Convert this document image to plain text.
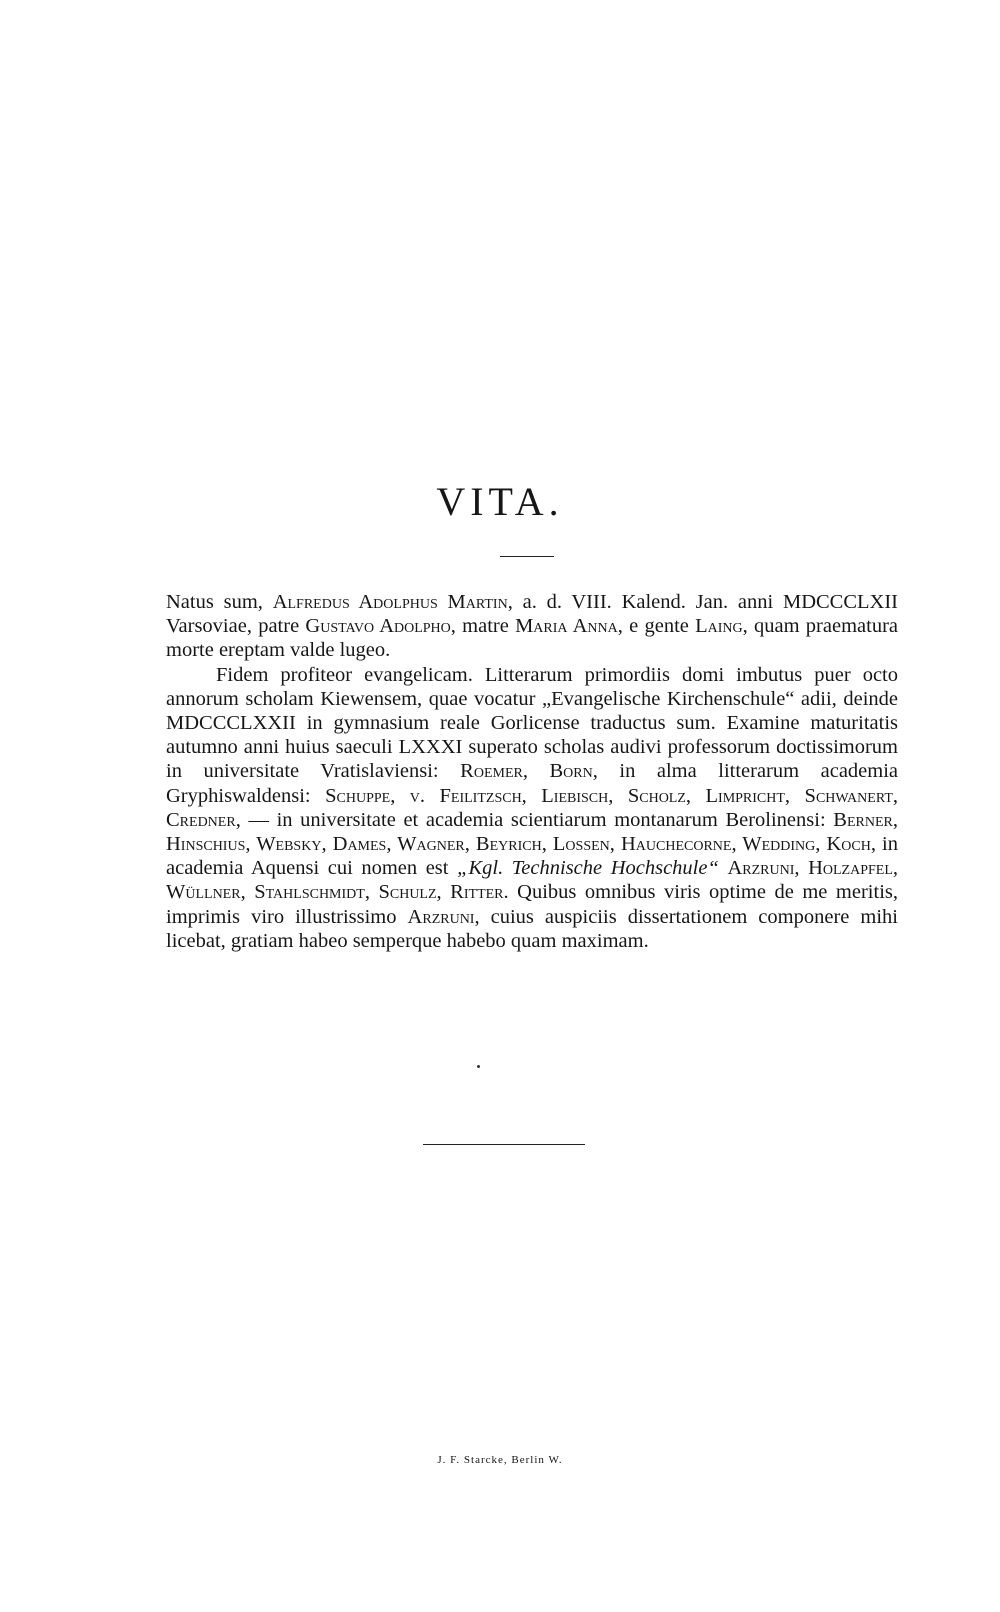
VITA.

Natus sum, Alfredus Adolphus Martin, a. d. VIII. Kalend. Jan. anni MDCCCLXII Varsoviae, patre Gustavo Adolpho, matre Maria Anna, e gente Laing, quam praematura morte ereptam valde lugeo.

Fidem profiteor evangelicam. Litterarum primordiis domi imbutus puer octo annorum scholam Kiewensem, quae vocatur „Evangelische Kirchenschule“ adii, deinde MDCCCLXXII in gymnasium reale Gorlicense traductus sum. Examine maturitatis autumno anni huius saeculi LXXXI superato scholas audivi professorum doctissimorum in universitate Vratislaviensi: Roemer, Born, in alma litterarum academia Gryphiswaldensi: Schuppe, v. Feilitzsch, Liebisch, Scholz, Limpricht, Schwanert, Credner, — in universitate et academia scientiarum montanarum Berolinensi: Berner, Hinschius, Websky, Dames, Wagner, Beyrich, Lossen, Hauchecorne, Wedding, Koch, in academia Aquensi cui nomen est „Kgl. Technische Hochschule“ Arzruni, Holzapfel, Wüllner, Stahlschmidt, Schulz, Ritter. Quibus omnibus viris optime de me meritis, imprimis viro illustrissimo Arzruni, cuius auspiciis dissertationem componere mihi licebat, gratiam habeo semperque habebo quam maximam.

J. F. Starcke, Berlin W.
